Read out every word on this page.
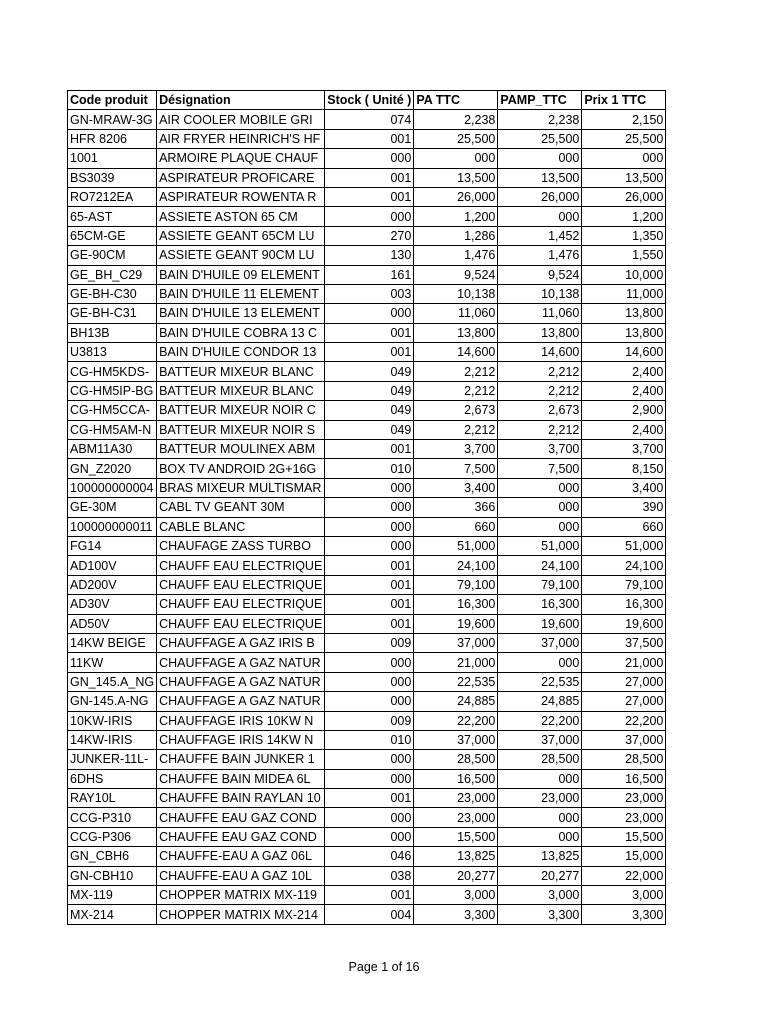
Code produit	Désignation	Stock ( Unité )	PA TTC	PAMP_TTC	Prix 1 TTC
GN-MRAW-3G	AIR COOLER MOBILE GRI	074	2,238	2,238	2,150
HFR 8206	AIR FRYER HEINRICH'S HF	001	25,500	25,500	25,500
1001	ARMOIRE PLAQUE CHAUF	000	000	000	000
BS3039	ASPIRATEUR PROFICARE	001	13,500	13,500	13,500
RO7212EA	ASPIRATEUR ROWENTA R	001	26,000	26,000	26,000
65-AST	ASSIETE ASTON 65 CM	000	1,200	000	1,200
65CM-GE	ASSIETE GEANT 65CM LU	270	1,286	1,452	1,350
GE-90CM	ASSIETE GEANT 90CM LU	130	1,476	1,476	1,550
GE_BH_C29	BAIN D'HUILE 09 ELEMENT	161	9,524	9,524	10,000
GE-BH-C30	BAIN D'HUILE 11 ELEMENT	003	10,138	10,138	11,000
GE-BH-C31	BAIN D'HUILE 13 ELEMENT	000	11,060	11,060	13,800
BH13B	BAIN D'HUILE COBRA 13 C	001	13,800	13,800	13,800
U3813	BAIN D'HUILE CONDOR 13	001	14,600	14,600	14,600
CG-HM5KDS-	BATTEUR MIXEUR BLANC	049	2,212	2,212	2,400
CG-HM5IP-BG	BATTEUR MIXEUR BLANC	049	2,212	2,212	2,400
CG-HM5CCA-	BATTEUR MIXEUR NOIR C	049	2,673	2,673	2,900
CG-HM5AM-N	BATTEUR MIXEUR NOIR S	049	2,212	2,212	2,400
ABM11A30	BATTEUR MOULINEX ABM	001	3,700	3,700	3,700
GN_Z2020	BOX TV ANDROID 2G+16G	010	7,500	7,500	8,150
100000000004	BRAS MIXEUR MULTISMAR	000	3,400	000	3,400
GE-30M	CABL TV GEANT 30M	000	366	000	390
100000000011	CABLE BLANC	000	660	000	660
FG14	CHAUFAGE ZASS TURBO	000	51,000	51,000	51,000
AD100V	CHAUFF EAU ELECTRIQUE	001	24,100	24,100	24,100
AD200V	CHAUFF EAU ELECTRIQUE	001	79,100	79,100	79,100
AD30V	CHAUFF EAU ELECTRIQUE	001	16,300	16,300	16,300
AD50V	CHAUFF EAU ELECTRIQUE	001	19,600	19,600	19,600
14KW BEIGE	CHAUFFAGE A GAZ IRIS B	009	37,000	37,000	37,500
11KW	CHAUFFAGE A GAZ NATUR	000	21,000	000	21,000
GN_145.A_NG	CHAUFFAGE A GAZ NATUR	000	22,535	22,535	27,000
GN-145.A-NG	CHAUFFAGE A GAZ NATUR	000	24,885	24,885	27,000
10KW-IRIS	CHAUFFAGE IRIS 10KW N	009	22,200	22,200	22,200
14KW-IRIS	CHAUFFAGE IRIS 14KW N	010	37,000	37,000	37,000
JUNKER-11L-	CHAUFFE BAIN JUNKER 1	000	28,500	28,500	28,500
6DHS	CHAUFFE BAIN MIDEA 6L	000	16,500	000	16,500
RAY10L	CHAUFFE BAIN RAYLAN 10	001	23,000	23,000	23,000
CCG-P310	CHAUFFE EAU GAZ COND	000	23,000	000	23,000
CCG-P306	CHAUFFE EAU GAZ COND	000	15,500	000	15,500
GN_CBH6	CHAUFFE-EAU A GAZ 06L	046	13,825	13,825	15,000
GN-CBH10	CHAUFFE-EAU A GAZ 10L	038	20,277	20,277	22,000
MX-119	CHOPPER MATRIX MX-119	001	3,000	3,000	3,000
MX-214	CHOPPER MATRIX MX-214	004	3,300	3,300	3,300
Page 1 of 16
